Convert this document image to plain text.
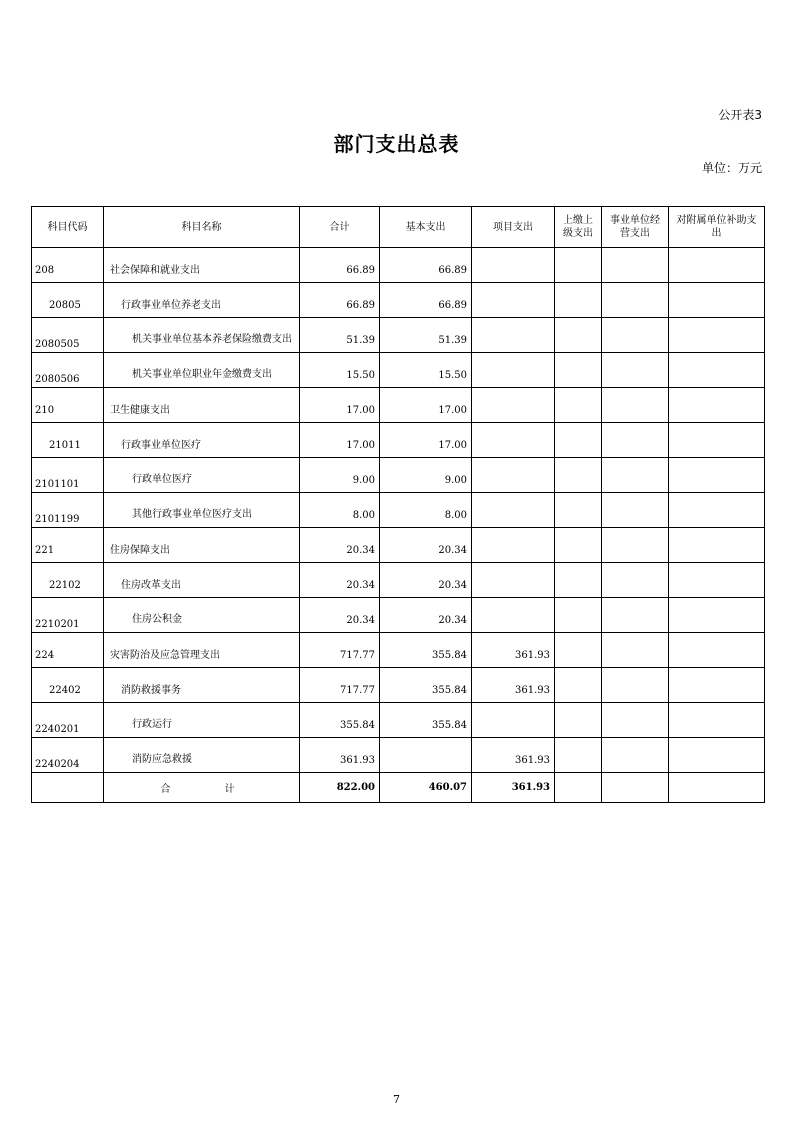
公开表3
部门支出总表
单位：万元
科目代码	科目名称	合计	基本支出	项目支出	上缴上级支出	事业单位经营支出	对附属单位补助支出
208	社会保障和就业支出	66.89	66.89				
20805	行政事业单位养老支出	66.89	66.89				
2080505	机关事业单位基本养老保险缴费支出	51.39	51.39				
2080506	机关事业单位职业年金缴费支出	15.50	15.50				
210	卫生健康支出	17.00	17.00				
21011	行政事业单位医疗	17.00	17.00				
2101101	行政单位医疗	9.00	9.00				
2101199	其他行政事业单位医疗支出	8.00	8.00				
221	住房保障支出	20.34	20.34				
22102	住房改革支出	20.34	20.34				
2210201	住房公积金	20.34	20.34				
224	灾害防治及应急管理支出	717.77	355.84	361.93			
22402	消防救援事务	717.77	355.84	361.93			
2240201	行政运行	355.84	355.84				
2240204	消防应急救援	361.93		361.93			
	合计	822.00	460.07	361.93			
7
